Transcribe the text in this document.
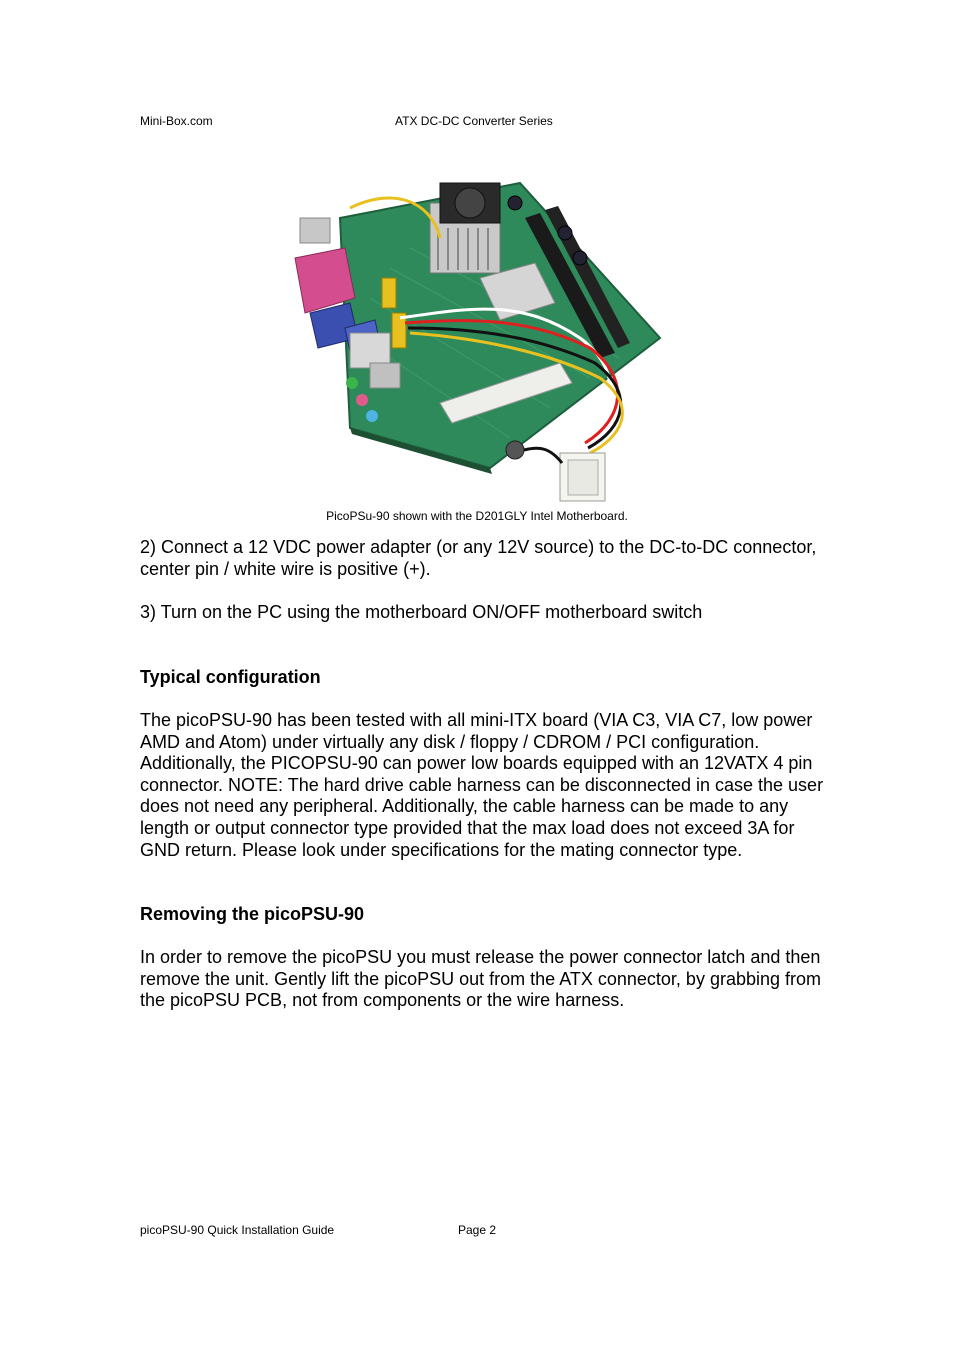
Mini-Box.com	ATX DC-DC Converter Series
PicoPSu-90 shown with the D201GLY Intel Motherboard.
2) Connect a 12 VDC power adapter (or any 12V source) to the DC-to-DC connector, center pin / white wire is positive (+).
3) Turn on the PC using the motherboard ON/OFF motherboard switch
Typical configuration
The picoPSU-90 has been tested with all mini-ITX board (VIA C3, VIA C7, low power AMD and Atom) under virtually any disk / floppy / CDROM / PCI configuration. Additionally, the PICOPSU-90 can power low boards equipped with an 12VATX 4 pin connector. NOTE: The hard drive cable harness can be disconnected in case the user does not need any peripheral. Additionally, the cable harness can be made to any length or output connector type provided that the max load does not exceed 3A for GND return. Please look under specifications for the mating connector type.
Removing the picoPSU-90
In order to remove the picoPSU you must release the power connector latch and then remove the unit. Gently lift the picoPSU out from the ATX connector, by grabbing from the picoPSU PCB, not from components or the wire harness.
picoPSU-90 Quick Installation Guide	Page 2
